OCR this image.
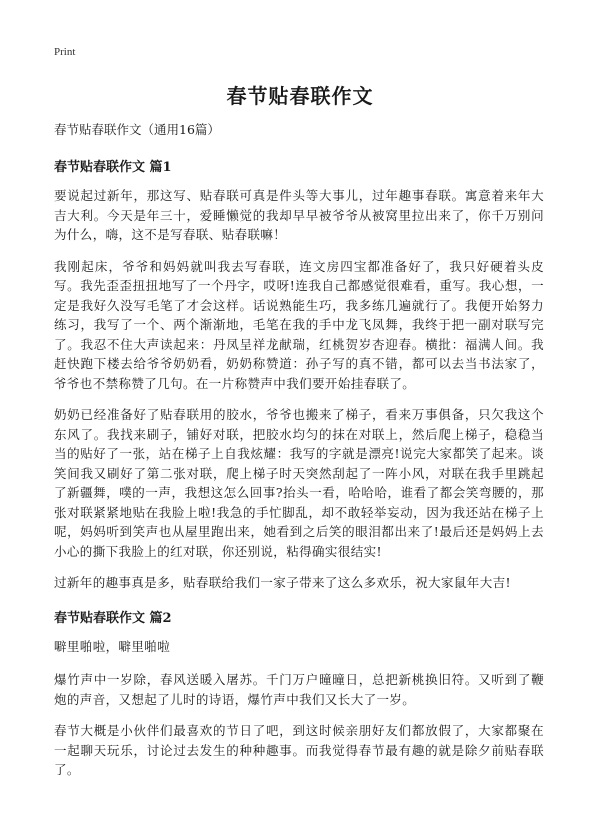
Print
春节贴春联作文
春节贴春联作文（通用16篇）
春节贴春联作文 篇1

要说起过新年，那这写、贴春联可真是件头等大事儿，过年趣事春联。寓意着来年大吉大利。今天是年三十，爱睡懒觉的我却早早被爷爷从被窝里拉出来了，你千万别问为什么，嗨，这不是写春联、贴春联嘛！

我刚起床，爷爷和妈妈就叫我去写春联，连文房四宝都准备好了，我只好硬着头皮写。我先歪歪扭扭地写了一个丹字，哎呀!连我自己都感觉很难看，重写。我心想，一定是我好久没写毛笔了才会这样。话说熟能生巧，我多练几遍就行了。我便开始努力练习，我写了一个、两个渐渐地，毛笔在我的手中龙飞凤舞，我终于把一副对联写完了。我忍不住大声读起来：丹凤呈祥龙献瑞，红桃贺岁杏迎春。横批：福满人间。我赶快跑下楼去给爷爷奶奶看，奶奶称赞道：孙子写的真不错，都可以去当书法家了，爷爷也不禁称赞了几句。在一片称赞声中我们要开始挂春联了。

奶奶已经准备好了贴春联用的胶水，爷爷也搬来了梯子，看来万事俱备，只欠我这个东风了。我找来刷子，铺好对联，把胶水均匀的抹在对联上，然后爬上梯子，稳稳当当的贴好了一张，站在梯子上自我炫耀：我写的字就是漂亮!说完大家都笑了起来。谈笑间我又刷好了第二张对联，爬上梯子时天突然刮起了一阵小风，对联在我手里跳起了新疆舞，噗的一声，我想这怎么回事?抬头一看，哈哈哈，谁看了都会笑弯腰的，那张对联紧紧地贴在我脸上啦!我急的手忙脚乱，却不敢轻举妄动，因为我还站在梯子上呢，妈妈听到笑声也从屋里跑出来，她看到之后笑的眼泪都出来了!最后还是妈妈上去小心的撕下我脸上的红对联，你还别说，粘得确实很结实!

过新年的趣事真是多，贴春联给我们一家子带来了这么多欢乐，祝大家鼠年大吉!

春节贴春联作文 篇2

噼里啪啦，噼里啪啦

爆竹声中一岁除，春风送暖入屠苏。千门万户曈曈日，总把新桃换旧符。又听到了鞭炮的声音，又想起了儿时的诗语，爆竹声中我们又长大了一岁。

春节大概是小伙伴们最喜欢的节日了吧，到这时候亲朋好友们都放假了，大家都聚在一起聊天玩乐，讨论过去发生的种种趣事。而我觉得春节最有趣的就是除夕前贴春联了。
